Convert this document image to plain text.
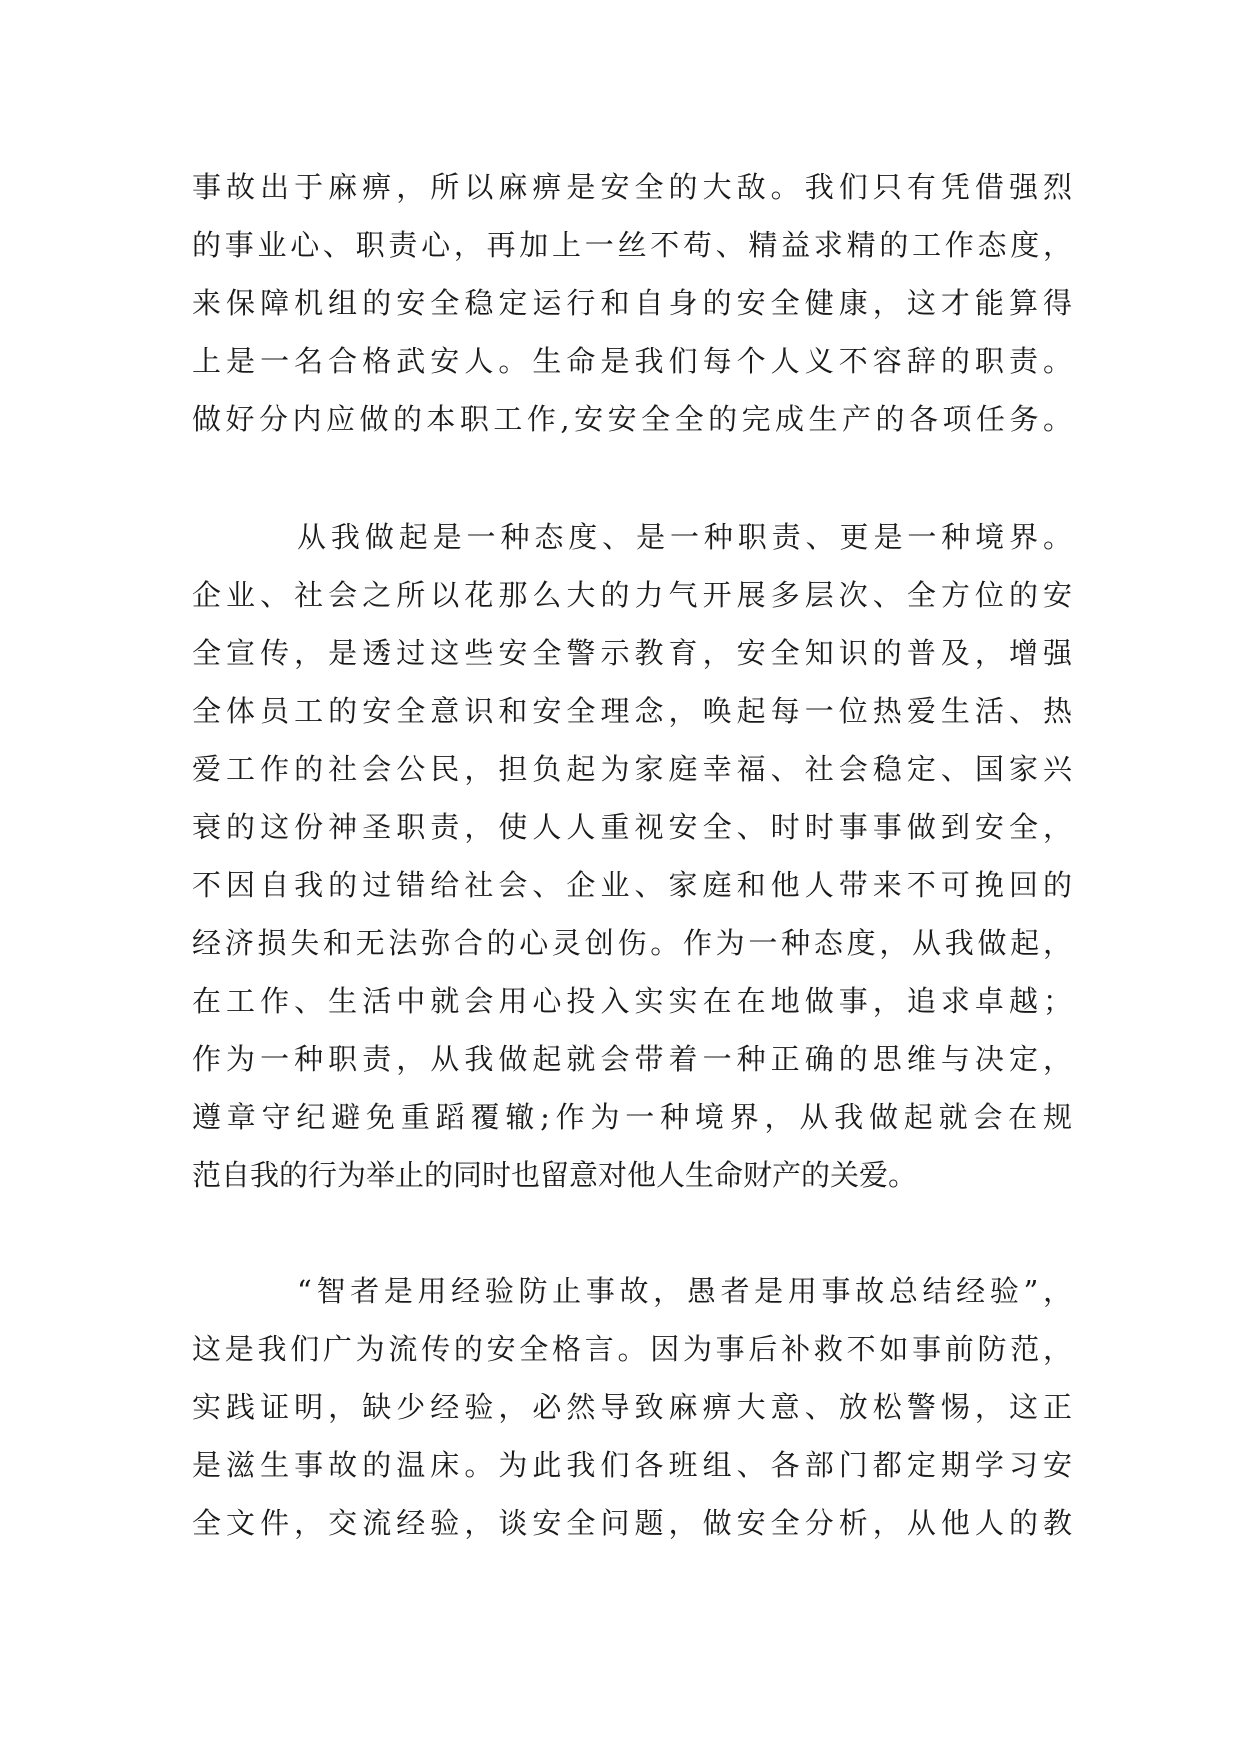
事故出于麻痹，所以麻痹是安全的大敌。我们只有凭借强烈
的事业心、职责心，再加上一丝不苟、精益求精的工作态度，
来保障机组的安全稳定运行和自身的安全健康，这才能算得
上是一名合格武安人。生命是我们每个人义不容辞的职责。
做好分内应做的本职工作,安安全全的完成生产的各项任务。
从我做起是一种态度、是一种职责、更是一种境界。
企业、社会之所以花那么大的力气开展多层次、全方位的安
全宣传，是透过这些安全警示教育，安全知识的普及，增强
全体员工的安全意识和安全理念，唤起每一位热爱生活、热
爱工作的社会公民，担负起为家庭幸福、社会稳定、国家兴
衰的这份神圣职责，使人人重视安全、时时事事做到安全，
不因自我的过错给社会、企业、家庭和他人带来不可挽回的
经济损失和无法弥合的心灵创伤。作为一种态度，从我做起，
在工作、生活中就会用心投入实实在在地做事，追求卓越；
作为一种职责，从我做起就会带着一种正确的思维与决定，
遵章守纪避免重蹈覆辙;作为一种境界，从我做起就会在规
范自我的行为举止的同时也留意对他人生命财产的关爱。
“智者是用经验防止事故，愚者是用事故总结经验”，
这是我们广为流传的安全格言。因为事后补救不如事前防范，
实践证明，缺少经验，必然导致麻痹大意、放松警惕，这正
是滋生事故的温床。为此我们各班组、各部门都定期学习安
全文件，交流经验，谈安全问题，做安全分析，从他人的教
